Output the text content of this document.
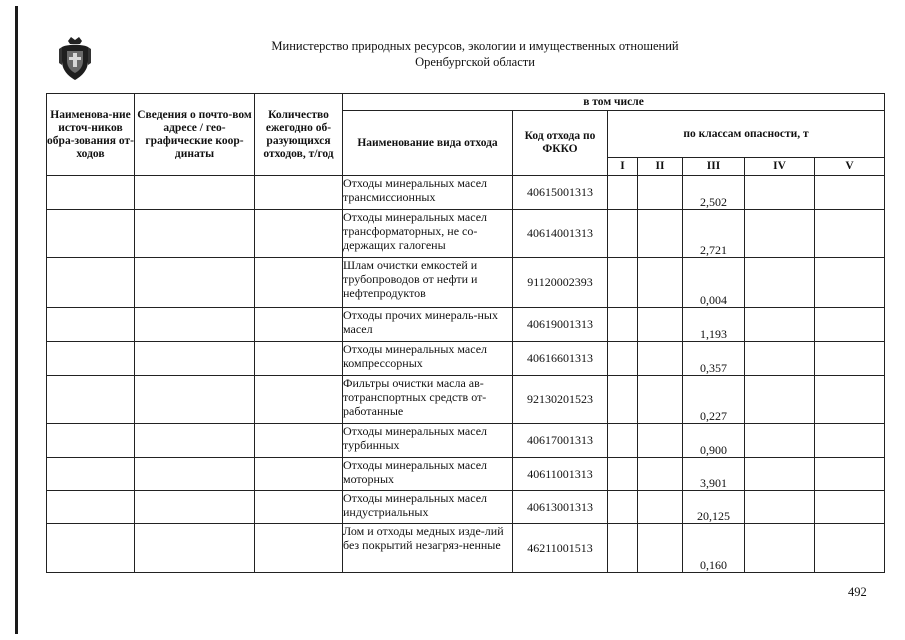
Министерство природных ресурсов, экологии и имущественных отношений
Оренбургской области
Наименова-ние источ-ников обра-зования от-ходов	Сведения о почто-вом адресе / гео-графические коор-динаты	Количество ежегодно об-разующихся отходов, т/год	в том числе						
			Наименование вида отхода	Код отхода по ФККО	по классам опасности, т				
					I	II	III	IV	V
			Отходы минеральных масел трансмиссионных	40615001313			2,502		
			Отходы минеральных масел трансформаторных, не со-держащих галогены	40614001313			2,721		
			Шлам очистки емкостей и трубопроводов от нефти и нефтепродуктов	91120002393			0,004		
			Отходы прочих минераль-ных масел	40619001313			1,193		
			Отходы минеральных масел компрессорных	40616601313			0,357		
			Фильтры очистки масла ав-тотранспортных средств от-работанные	92130201523			0,227		
			Отходы минеральных масел турбинных	40617001313			0,900		
			Отходы минеральных масел моторных	40611001313			3,901		
			Отходы минеральных масел индустриальных	40613001313			20,125		
			Лом и отходы медных изде-лий без покрытий незагряз-ненные	46211001513			0,160		
492
